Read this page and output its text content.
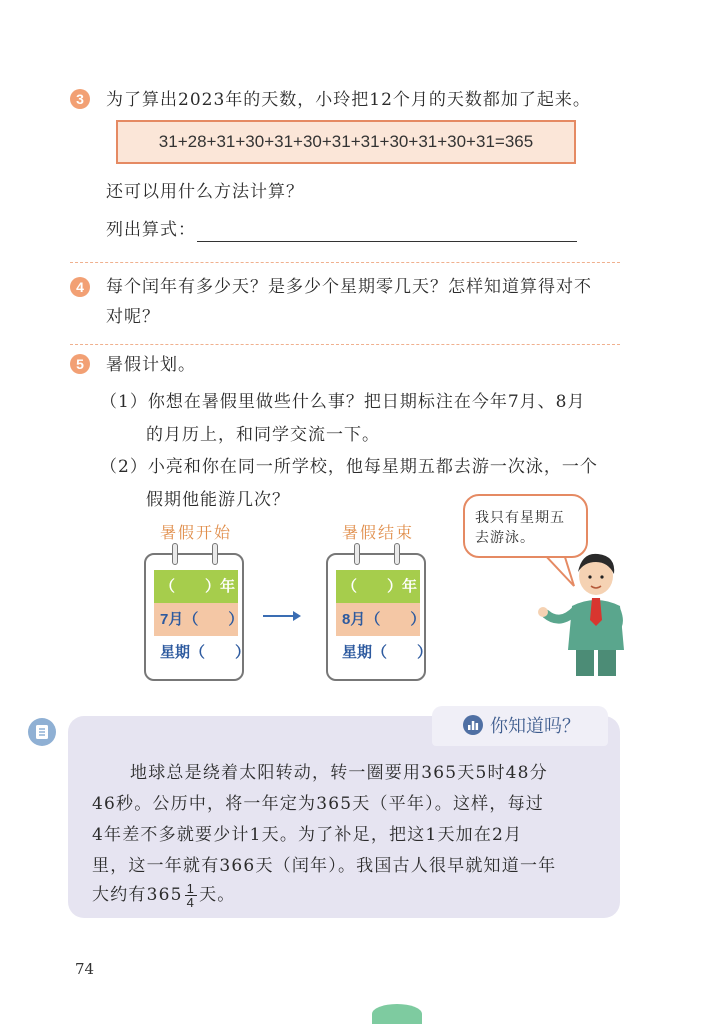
3	为了算出2023年的天数，小玲把12个月的天数都加了起来。
31+28+31+30+31+30+31+31+30+31+30+31=365
还可以用什么方法计算？
列出算式：
4	每个闰年有多少天？是多少个星期零几天？怎样知道算得对不
对呢？
5	暑假计划。
（1）你想在暑假里做些什么事？把日期标注在今年7月、8月
的月历上，和同学交流一下。
（2）小亮和你在同一所学校，他每星期五都去游一次泳，一个
假期他能游几次？
暑假开始
（　　）年
7月（　　）
星期（　　）
暑假结束
（　　）年
8月（　　）
星期（　　）
我只有星期五
去游泳。
你知道吗？
地球总是绕着太阳转动，转一圈要用365天5时48分
46秒。公历中，将一年定为365天（平年）。这样，每过
4年差不多就要少计1天。为了补足，把这1天加在2月
里，这一年就有366天（闰年）。我国古人很早就知道一年
大约有$365 \frac{1}{4}$ 天。
74
